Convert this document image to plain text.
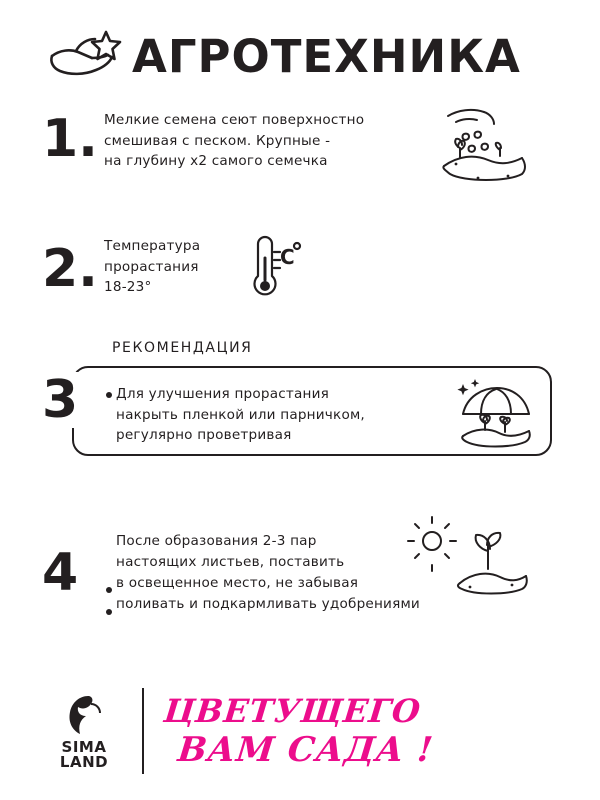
АГРОТЕХНИКА
1. Мелкие семена сеют поверхностно
смешивая с песком. Крупные -
на глубину x2 самого семечка
2. Температура
прорастания
18-23°
C
РЕКОМЕНДАЦИЯ
3	Для улучшения прорастания
накрыть пленкой или парничком,
регулярно проветривая
4
После образования 2-3 пар
настоящих листьев, поставить
в освещенное место, не забывая
поливать и подкармливать удобрениями
SIMA
LAND
ЦВЕТУЩЕГО
ВАМ САДА !
